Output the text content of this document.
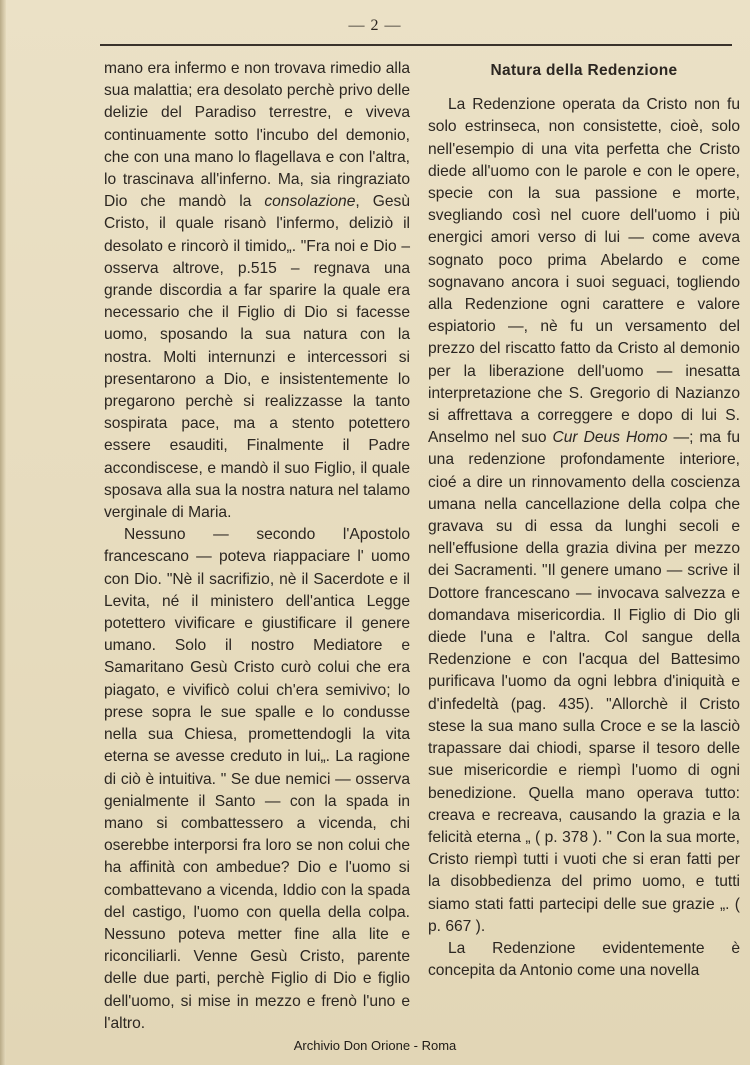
— 2 —

mano era infermo e non trovava rimedio alla sua malattia; era desolato perchè privo delle delizie del Paradiso terrestre, e viveva continuamente sotto l'incubo del demonio, che con una mano lo flagellava e con l'altra, lo trascinava all'inferno. Ma, sia ringraziato Dio che mandò la consolazione, Gesù Cristo, il quale risanò l'infermo, deliziò il desolato e rincorò il timido„. "Fra noi e Dio – osserva altrove, p.515 – regnava una grande discordia a far sparire la quale era necessario che il Figlio di Dio si facesse uomo, sposando la sua natura con la nostra. Molti internunzi e intercessori si presentarono a Dio, e insistentemente lo pregarono perchè si realizzasse la tanto sospirata pace, ma a stento potettero essere esauditi, Finalmente il Padre accondiscese, e mandò il suo Figlio, il quale sposava alla sua la nostra natura nel talamo verginale di Maria.

Nessuno — secondo l'Apostolo francescano — poteva riappaciare l' uomo con Dio. "Nè il sacrifizio, nè il Sacerdote e il Levita, né il ministero dell'antica Legge potettero vivificare e giustificare il genere umano. Solo il nostro Mediatore e Samaritano Gesù Cristo curò colui che era piagato, e vivificò colui ch'era semivivo; lo prese sopra le sue spalle e lo condusse nella sua Chiesa, promettendogli la vita eterna se avesse creduto in lui„. La ragione di ciò è intuitiva. " Se due nemici — osserva genialmente il Santo — con la spada in mano si combattessero a vicenda, chi oserebbe interporsi fra loro se non colui che ha affinità con ambedue? Dio e l'uomo si combattevano a vicenda, Iddio con la spada del castigo, l'uomo con quella della colpa. Nessuno poteva metter fine alla lite e riconciliarli. Venne Gesù Cristo, parente delle due parti, perchè Figlio di Dio e figlio dell'uomo, si mise in mezzo e frenò l'uno e l'altro.

Natura della Redenzione

La Redenzione operata da Cristo non fu solo estrinseca, non consistette, cioè, solo nell'esempio di una vita perfetta che Cristo diede all'uomo con le parole e con le opere, specie con la sua passione e morte, svegliando così nel cuore dell'uomo i più energici amori verso di lui — come aveva sognato poco prima Abelardo e come sognavano ancora i suoi seguaci, togliendo alla Redenzione ogni carattere e valore espiatorio —, nè fu un versamento del prezzo del riscatto fatto da Cristo al demonio per la liberazione dell'uomo — inesatta interpretazione che S. Gregorio di Nazianzo si affrettava a correggere e dopo di lui S. Anselmo nel suo Cur Deus Homo —; ma fu una redenzione profondamente interiore, cioé a dire un rinnovamento della coscienza umana nella cancellazione della colpa che gravava su di essa da lunghi secoli e nell'effusione della grazia divina per mezzo dei Sacramenti. "Il genere umano — scrive il Dottore francescano — invocava salvezza e domandava misericordia. Il Figlio di Dio gli diede l'una e l'altra. Col sangue della Redenzione e con l'acqua del Battesimo purificava l'uomo da ogni lebbra d'iniquità e d'infedeltà (pag. 435). "Allorchè il Cristo stese la sua mano sulla Croce e se la lasciò trapassare dai chiodi, sparse il tesoro delle sue misericordie e riempì l'uomo di ogni benedizione. Quella mano operava tutto: creava e recreava, causando la grazia e la felicità eterna „ ( p. 378 ). " Con la sua morte, Cristo riempì tutti i vuoti che si eran fatti per la disobbedienza del primo uomo, e tutti siamo stati fatti partecipi delle sue grazie „. ( p. 667 ).

La Redenzione evidentemente è concepita da Antonio come una novella

Archivio Don Orione - Roma
